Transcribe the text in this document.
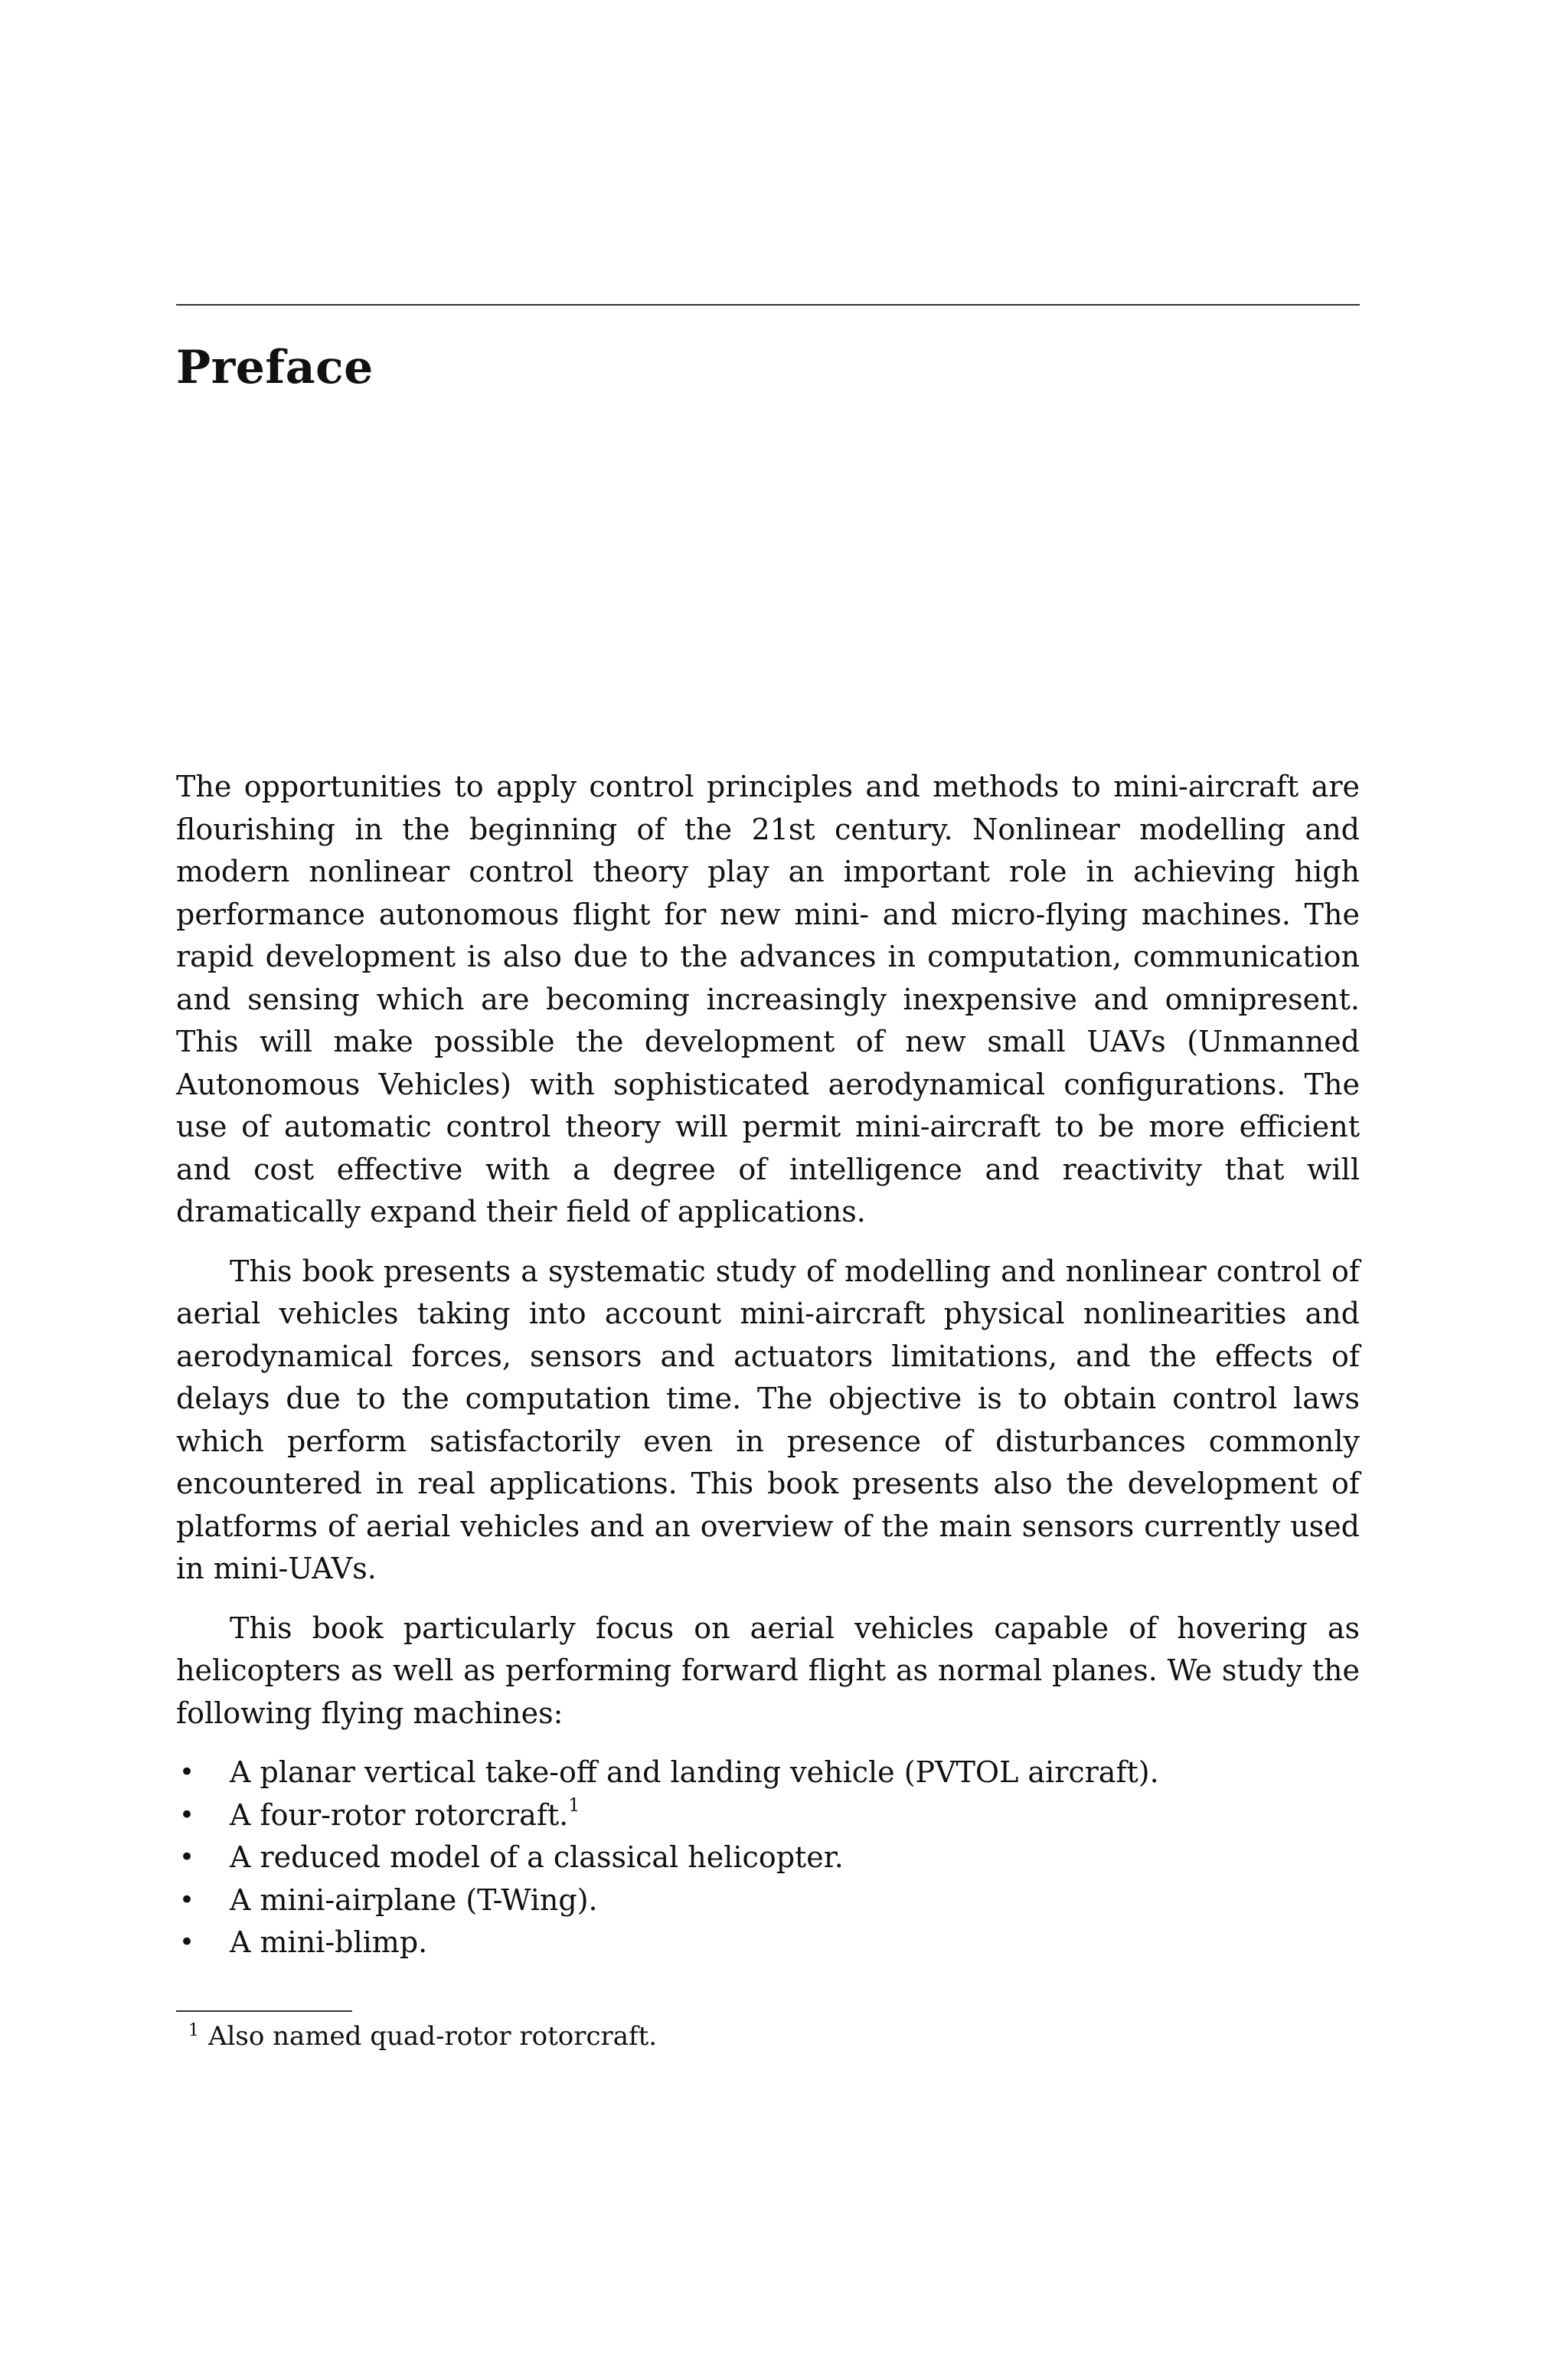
Preface

The opportunities to apply control principles and methods to mini-aircraft are flourishing in the beginning of the 21st century. Nonlinear modelling and modern nonlinear control theory play an important role in achieving high performance autonomous flight for new mini- and micro-flying machines. The rapid development is also due to the advances in computation, communication and sensing which are becoming increasingly inexpensive and omnipresent. This will make possible the development of new small UAVs (Unmanned Autonomous Vehicles) with sophisticated aerodynamical configurations. The use of automatic control theory will permit mini-aircraft to be more efficient and cost effective with a degree of intelligence and reactivity that will dramatically expand their field of applications.

This book presents a systematic study of modelling and nonlinear control of aerial vehicles taking into account mini-aircraft physical nonlinearities and aerodynamical forces, sensors and actuators limitations, and the effects of delays due to the computation time. The objective is to obtain control laws which perform satisfactorily even in presence of disturbances commonly encountered in real applications. This book presents also the development of platforms of aerial vehicles and an overview of the main sensors currently used in mini-UAVs.

This book particularly focus on aerial vehicles capable of hovering as helicopters as well as performing forward flight as normal planes. We study the following flying machines:

• A planar vertical take-off and landing vehicle (PVTOL aircraft).
• A four-rotor rotorcraft.$^1$
• A reduced model of a classical helicopter.
• A mini-airplane (T-Wing).
• A mini-blimp.
$^1$ Also named quad-rotor rotorcraft.
